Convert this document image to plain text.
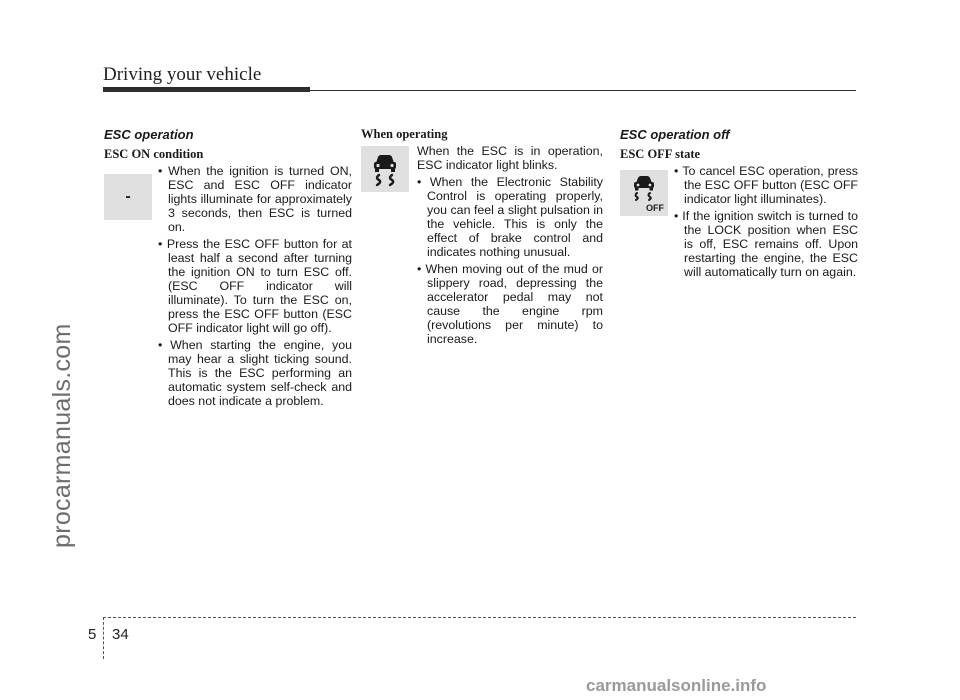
Driving your vehicle
procarmanuals.com
ESC operation
ESC ON condition
-
• When the ignition is turned ON, ESC and ESC OFF indicator lights illuminate for approximately 3 seconds, then ESC is turned on.
• Press the ESC OFF button for at least half a second after turning the ignition ON to turn ESC off. (ESC OFF indicator will illuminate). To turn the ESC on, press the ESC OFF button (ESC OFF indicator light will go off).
• When starting the engine, you may hear a slight ticking sound. This is the ESC performing an automatic system self-check and does not indicate a problem.
When operating

When the ESC is in operation, ESC indicator light blinks.

• When the Electronic Stability Control is operating properly, you can feel a slight pulsation in the vehicle. This is only the effect of brake control and indicates nothing unusual.
• When moving out of the mud or slippery road, depressing the accelerator pedal may not cause the engine rpm (revolutions per minute) to increase.
ESC operation off
ESC OFF state
OFF
• To cancel ESC operation, press the ESC OFF button (ESC OFF indicator light illuminates).
• If the ignition switch is turned to the LOCK position when ESC is off, ESC remains off. Upon restarting the engine, the ESC will automatically turn on again.
5 34
carmanualsonline.info
